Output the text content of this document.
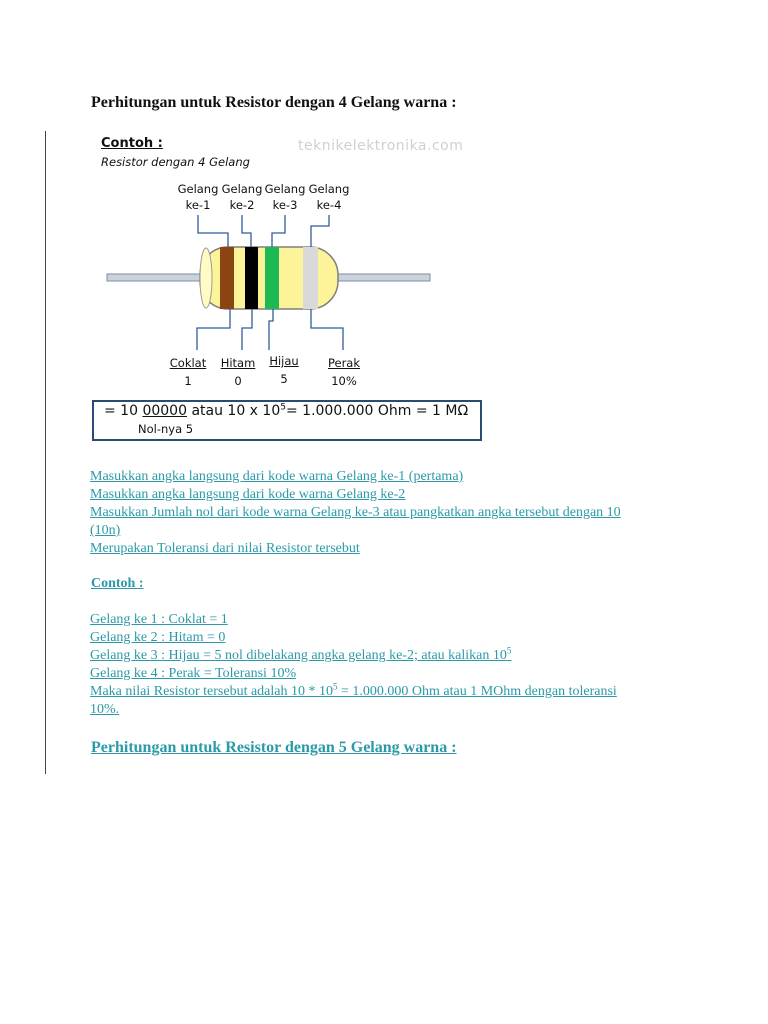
Perhitungan untuk Resistor dengan 4 Gelang warna :
Contoh :
Resistor dengan 4 Gelang
teknikelektronika.com
Gelang
ke-1
Gelang
ke-2
Gelang
ke-3
Gelang
ke-4
Coklat
1
Hitam
0
Hijau
5
Perak
10%
= 10 00000 atau 10 x $10^5= 1.000.000$ Ohm = 1 MΩ
Nol-nya 5
Masukkan angka langsung dari kode warna Gelang ke-1 (pertama)
Masukkan angka langsung dari kode warna Gelang ke-2
Masukkan Jumlah nol dari kode warna Gelang ke-3 atau pangkatkan angka tersebut dengan 10
(10n)
Merupakan Toleransi dari nilai Resistor tersebut
Contoh :
Gelang ke 1 : Coklat = 1
Gelang ke 2 : Hitam = 0
Gelang ke 3 : Hijau = 5 nol dibelakang angka gelang ke-2; atau kalikan $10^5$
Gelang ke 4 : Perak = Toleransi 10%
Maka nilai Resistor tersebut adalah $10 * 10^5 = 1.000.000$ Ohm atau 1 MOhm dengan toleransi
10%.
Perhitungan untuk Resistor dengan 5 Gelang warna :
